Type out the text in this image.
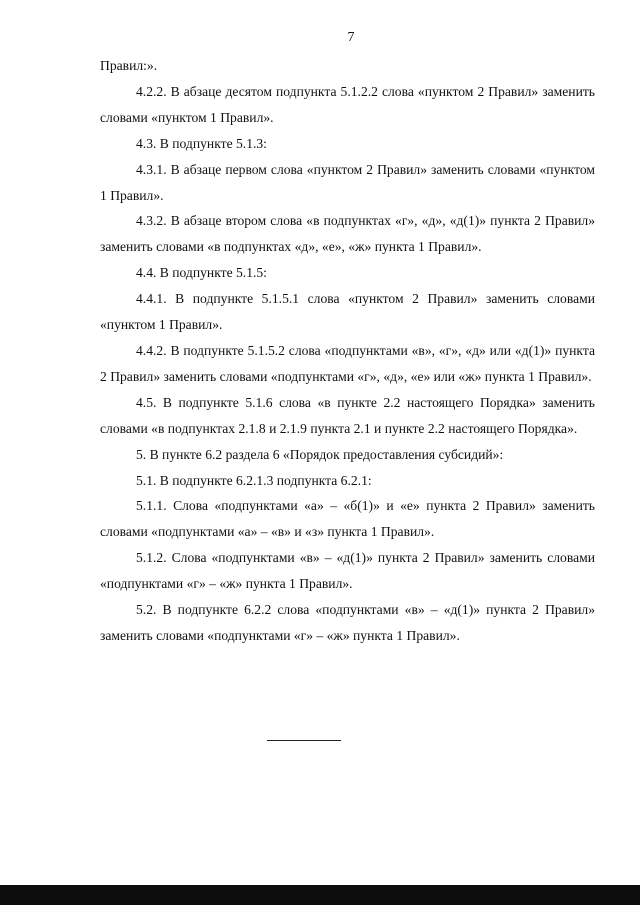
7

Правил:».

4.2.2. В абзаце десятом подпункта 5.1.2.2 слова «пунктом 2 Правил» заменить словами «пунктом 1 Правил».

4.3. В подпункте 5.1.3:

4.3.1. В абзаце первом слова «пунктом 2 Правил» заменить словами «пунктом 1 Правил».

4.3.2. В абзаце втором слова «в подпунктах «г», «д», «д(1)» пункта 2 Правил» заменить словами «в подпунктах «д», «е», «ж» пункта 1 Правил».

4.4. В подпункте 5.1.5:

4.4.1. В подпункте 5.1.5.1 слова «пунктом 2 Правил» заменить словами «пунктом 1 Правил».

4.4.2. В подпункте 5.1.5.2 слова «подпунктами «в», «г», «д» или «д(1)» пункта 2 Правил» заменить словами «подпунктами «г», «д», «е» или «ж» пункта 1 Правил».

4.5. В подпункте 5.1.6 слова «в пункте 2.2 настоящего Порядка» заменить словами «в подпунктах 2.1.8 и 2.1.9 пункта 2.1 и пункте 2.2 настоящего Порядка».

5. В пункте 6.2 раздела 6 «Порядок предоставления субсидий»:

5.1. В подпункте 6.2.1.3 подпункта 6.2.1:

5.1.1. Слова «подпунктами «а» – «б(1)» и «е» пункта 2 Правил» заменить словами «подпунктами «а» – «в» и «з» пункта 1 Правил».

5.1.2. Слова «подпунктами «в» – «д(1)» пункта 2 Правил» заменить словами «подпунктами «г» – «ж» пункта 1 Правил».

5.2. В подпункте 6.2.2 слова «подпунктами «в» – «д(1)» пункта 2 Правил» заменить словами «подпунктами «г» – «ж» пункта 1 Правил».
